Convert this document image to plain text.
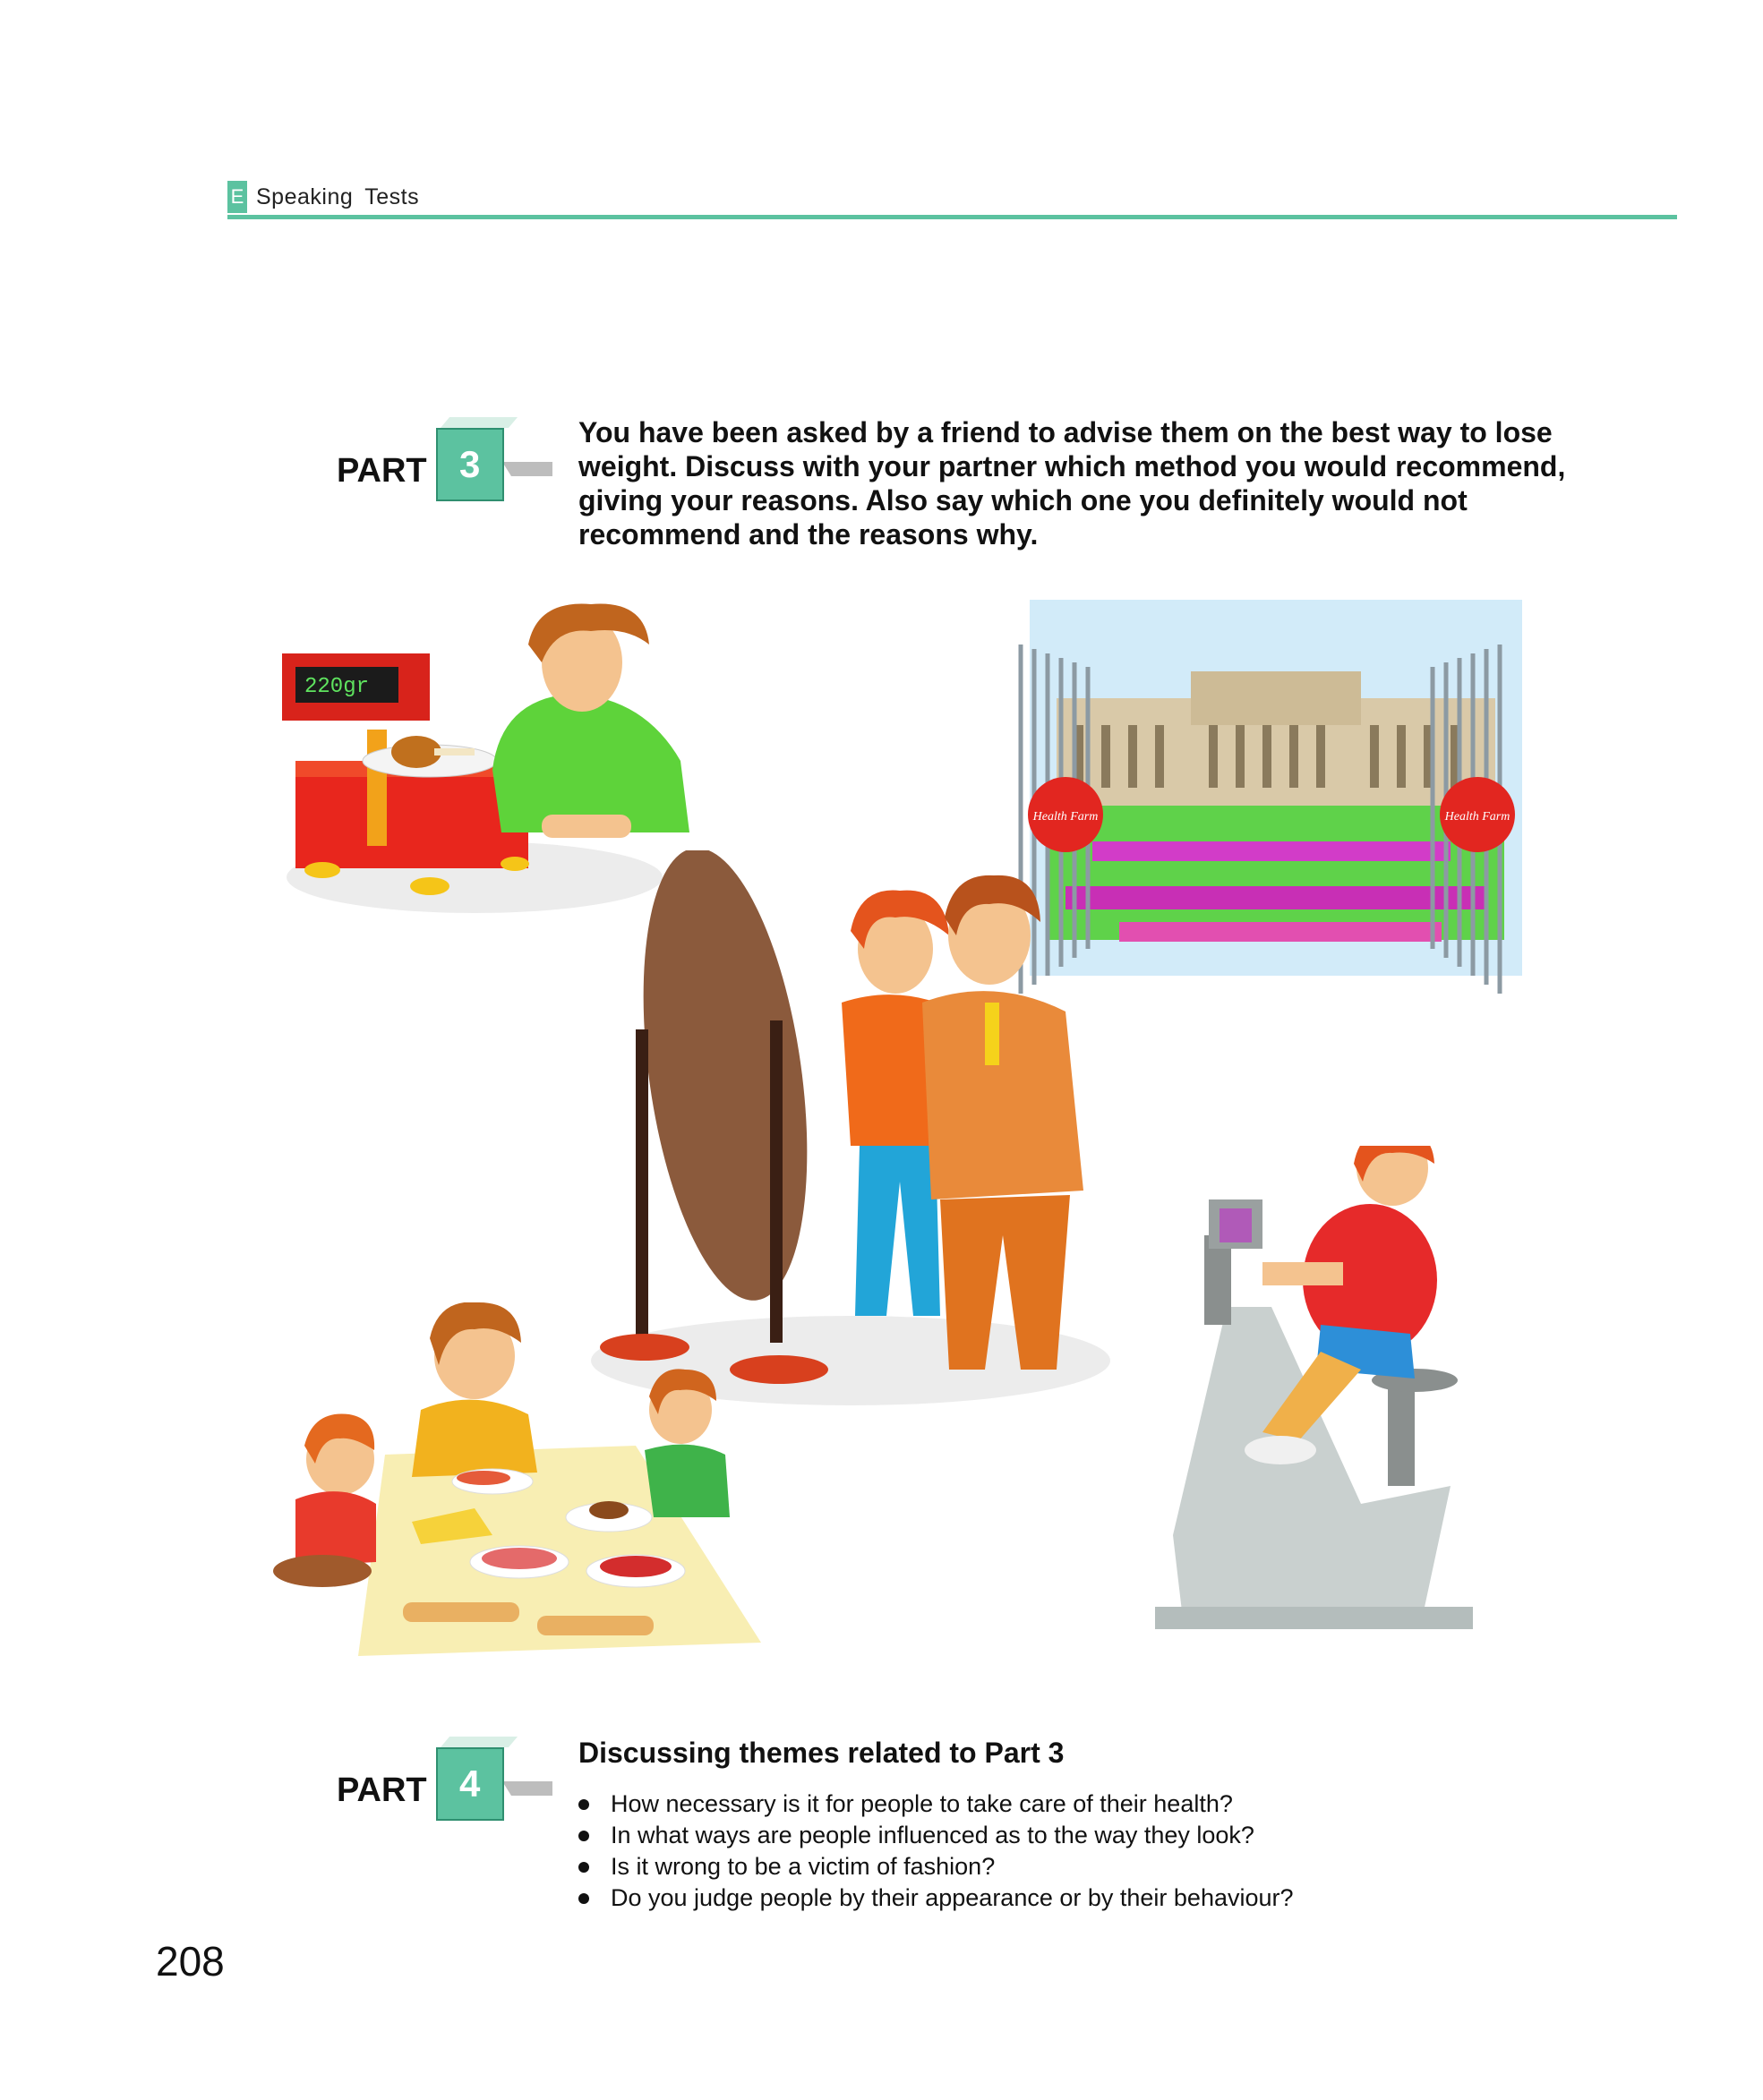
E Speaking Tests
PART 3
You have been asked by a friend to advise them on the best way to lose weight. Discuss with your partner which method you would recommend, giving your reasons. Also say which one you definitely would not recommend and the reasons why.
220gr
Health Farm	Health Farm
PART 4
Discussing themes related to Part 3
How necessary is it for people to take care of their health?
In what ways are people influenced as to the way they look?
Is it wrong to be a victim of fashion?
Do you judge people by their appearance or by their behaviour?
208
